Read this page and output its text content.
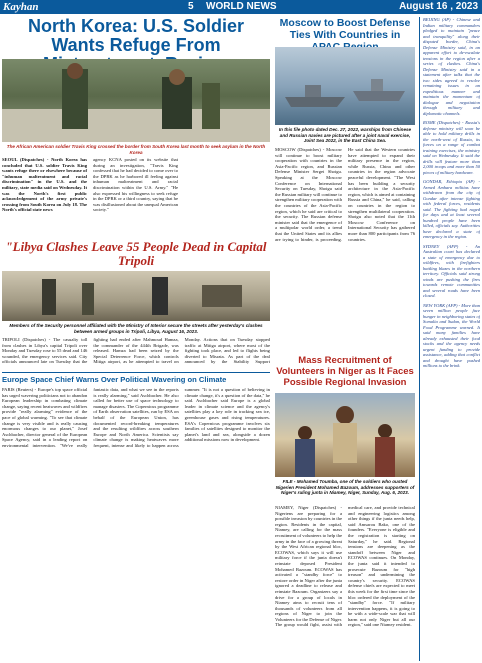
Kayhan	5 WORLD NEWS	August 16 , 2023
North Korea: U.S. Soldier Wants Refuge From
The African American soldier Travis King crossed the border from South Korea last month to seek asylum in the North Korea
SEOUL (Dispatches) - North Korea has concluded that U.S. soldier Travis King wants refuge there or elsewhere because of "inhuman maltreatment and racial discrimination" in the U.S. and the military, state media said on Wednesday. It was the North's first public acknowledgement of the army private's crossing from South Korea on July 18. The North's official state news
agency KCNA posted on its website that during an investigation, "Travis King confessed that he had decided to come over to the DPRK as he harbored ill feeling against inhuman maltreatment and racial discrimination within the U.S. Army." "He also expressed his willingness to seek refuge in the DPRK or a third country, saying that he was disillusioned about the unequal American society."
Moscow to Boost Defense Ties With Countries in
In this file photo dated Dec. 27, 2022, warships from Chinese and Russian navies are pictured after a joint naval exercise, Joint Sea 2022, in the East China Sea.
MOSCOW (Dispatches) - Moscow will continue to boost military cooperation with countries in the Asia-Pacific region, and Russian Defense Minister Sergei Shoigu. Speaking at the Moscow Conference on International Security on Tuesday, Shoigu said the Russian military will continue to strengthen military cooperation with the countries of the Asia-Pacific region, which he said are critical to the security. The Russian defense minister said that the emergence of a multipolar world order, a trend that the United States and its allies are trying to hinder, is proceeding. He said that the Western countries have attempted to expand their military presence in the region, while Russia, China and other countries in the region advocate peaceful development. "The West has been building a security architecture in the Asia-Pacific region, which is aimed at containing Russia and China," he said, calling on countries in the region to strengthen multilateral cooperation. Shoigu also noted that the 11th Moscow Conference on International Security has gathered more than 800 participants from 76 countries.
"Libya Clashes Leave 55 People Dead in Capital Tripoli
Members of the Security personnel affiliated with the Ministry of Interior secure the streets after yesterday's clashes between armed groups in Tripoli, Libya, August 16, 2023.
TRIPOLI (Dispatches) - The casualty toll from clashes in Libya's capital Tripoli over Monday and Tuesday rose to 55 dead and 146 wounded, the emergency services said. City officials announced late on Tuesday that the fighting had ended after Mahmoud Hamza, the commander of the 444th Brigade, was released. Hamza had been seized by the Special Deterrence Force, which controls Mitiga airport, as he attempted to travel on Monday. Actions that on Tuesday stopped traffic at Mitiga airport, where most of the fighting took place, and led to flights being diverted to Misrata. As part of the deal announced by the Stability Support
Europe Space Chief Warns Over Political Wavering on Climate
PARIS (Reuters) - Europe's top space official has urged wavering politicians not to abandon European leadership in combating climate change, saying recent heatwaves and wildfires provide "really alarming" evidence of the pace of global warming. "To see that climate change is very visible and is really causing enormous changes to our planet," Josef Aschbacher, director general of the European Space Agency, said in a leading report on environmental intervention. "We've really fantastic data, and what we see in the reports is really alarming," said Aschbacher. He also called for better use of space technology to manage disasters. The Copernicus programme of Earth observation satellites, run by ESA on behalf of the European Union, has documented record-breaking temperatures and the resulting wildfires across southern Europe and North America. Scientists say climate change is making heatwaves more frequent, intense and likely to happen across summer. "It is not a question of believing in climate change, it's a question of the data," he said. Aschbacher said Europe is a global leader in climate science and the agency's satellites play a key role in tracking sea ice, greenhouse gases and rising temperatures. ESA's Copernicus programme involves six families of satellites designed to monitor the planet's land and sea, alongside a dozen additional missions now in development.
Mass Recruitment of Volunteers in Niger as It Faces Possible Regional Invasion
FILE - Mohamed Toumba, one of the soldiers who ousted Nigerien President Mohamed Bazoum, addresses supporters of Niger's ruling junta in Niamey, Niger, Sunday, Aug. 6, 2023.
NIAMEY, Niger (Dispatches) - Nigeriens are preparing for a possible invasion by countries in the region. Residents in the capital, Niamey, are calling for the mass recruitment of volunteers to help the army in the face of a growing threat by the West African regional bloc, ECOWAS, which says it will use military force if the junta doesn't reinstate deposed President Mohamed Bazoum. ECOWAS has activated a "standby force" to restore order in Niger after the junta ignored a deadline to release and reinstate Bazoum. Organizers say a drive for a group of locals in Niamey aims to recruit tens of thousands of volunteers from all regions of Niger to join the Volunteers for the Defense of Niger. The group would fight, assist with medical care, and provide technical and engineering logistics among other things if the junta needs help, said Amsarou Bako, one of the founders. "Everyone is eligible and the registration is starting on Saturday," he said. Regional tensions are deepening as the standoff between Niger and ECOWAS continues. On Monday, the junta said it intended to prosecute Bazoum for "high treason" and undermining the country's security. ECOWAS defense chiefs are expected to meet this week for the first time since the bloc ordered the deployment of the "standby" force. "If military intervention happens, it is going to be with a wide-scale war that will harm not only Niger but all our region," said one Niamey resident.

BEIJING (AP) - Chinese and Indian military commanders pledged to maintain "peace and tranquility" along their disputed border, China's Defense Ministry said, in an apparent effort to de-escalate tensions in the region after a series of clashes. China's Defense Ministry said in a statement after talks that the two sides agreed to resolve remaining issues in an expeditious manner and maintain the momentum of dialogue and negotiation through military and diplomatic channels.

ROME (Dispatches) - Russia's defense ministry will soon be able to hold military drills in the north-west of Russia, its forces on a range of combat training exercises, the ministry said on Wednesday. It said the drills will feature more than 2,000 troops and more than 50 pieces of military hardware.

GONDAR, Ethiopia (AP) - Armed Amhara militias have withdrawn from the city of Gondar after intense fighting with federal forces, residents said. The fighting had raged for days and at least several hundred people have been killed, officials say. Authorities have declared a state of emergency in the region.

SYDNEY (AFP) - An Australian court has declared a state of emergency due to wildfires, with firefighters battling blazes in the northern territory. Officials said strong winds are pushing the fires towards remote communities and several roads have been closed.

NEW YORK (AFP) - More than seven million people face hunger in neighboring states of Somalia and Sudan, the World Food Programme warned. It said many families have already exhausted their food stocks and the agency needs urgent funding to provide assistance, adding that conflict and drought have pushed millions to the brink.
